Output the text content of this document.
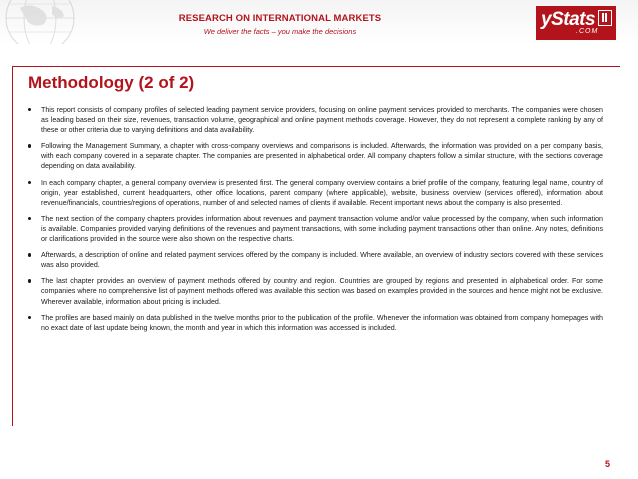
RESEARCH ON INTERNATIONAL MARKETS
We deliver the facts – you make the decisions
yStats
.COM
Methodology (2 of 2)
This report consists of company profiles of selected leading payment service providers, focusing on online payment services provided to merchants. The companies were chosen as leading based on their size, revenues, transaction volume, geographical and online payment methods coverage. However, they do not represent a complete ranking by any of these or other criteria due to varying definitions and data availability.
Following the Management Summary, a chapter with cross-company overviews and comparisons is included. Afterwards, the information was provided on a per company basis, with each company covered in a separate chapter. The companies are presented in alphabetical order. All company chapters follow a similar structure, with the sections coverage depending on data availability.
In each company chapter, a general company overview is presented first. The general company overview contains a brief profile of the company, featuring legal name, country of origin, year established, current headquarters, other office locations, parent company (where applicable), website, business overview (services offered), information about revenue/financials, countries/regions of operations, number of and selected names of clients if available. Recent important news about the company is also presented.
The next section of the company chapters provides information about revenues and payment transaction volume and/or value processed by the company, when such information is available. Companies provided varying definitions of the revenues and payment transactions, with some including payment transactions other than online. Any notes, definitions or clarifications provided in the source were also shown on the respective charts.
Afterwards, a description of online and related payment services offered by the company is included. Where available, an overview of industry sectors covered with these services was also provided.
The last chapter provides an overview of payment methods offered by country and region. Countries are grouped by regions and presented in alphabetical order. For some companies where no comprehensive list of payment methods offered was available this section was based on examples provided in the sources and hence might not be exclusive. Wherever available, information about pricing is included.
The profiles are based mainly on data published in the twelve months prior to the publication of the profile. Whenever the information was obtained from company homepages with no exact date of last update being known, the month and year in which this information was accessed is included.
5
